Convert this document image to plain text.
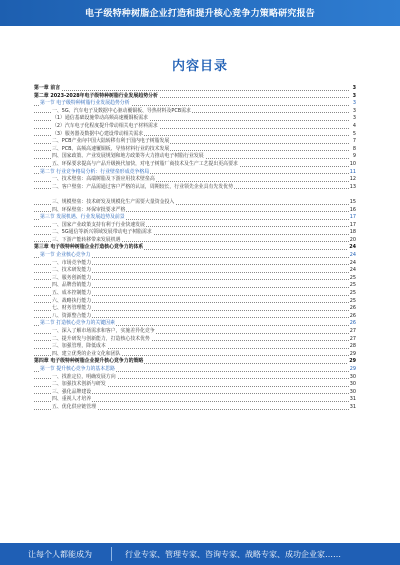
电子级特种树脂企业打造和提升核心竞争力策略研究报告
内容目录
第一章 前言	3
第二章 2023-2028年电子级特种树脂行业发展趋势分析	3
第一节 电子级特种树脂行业发展趋势分析	3
一、5G、汽车电子及数据中心驱动覆铜板、导热材料及PCB需求	3
（1）通信基础设施带动高频高速覆铜板需求	3
（2）汽车电子化程度提升带动相关电子材料需求	4
（3）服务器及数据中心建设带动相关需求	5
二、PCB产业向中国大陆转移有利于国内电子树脂发展	7
三、PCB、高频高速覆铜板、导热材料行业的技术发展	8
四、国家政策、产业发展规划和地方政策等大力推动电子树脂行业发展	9
五、环保要求提高与产品升级换代加快，对电子树脂厂商技术及生产工艺提出更高要求	10
第二节 行业竞争格局分析：行业壁垒形成竞争格局	11
一、技术壁垒：高端树脂及下游应用技术壁垒高	12
二、客户壁垒：产品需通过客户严格的认证，周期较长，行业领先企业具有先发优势	13
三、规模壁垒：技术研发及规模化生产需要大量资金投入	15
四、环保壁垒：环保审批要求严格	16
第三节 发展机遇、行业发展趋势及前景	17
一、国家产业政策支持有利于行业快速发展	17
二、5G通信等新兴领域发展带动电子树脂需求	18
三、下游产能转移带来发展机遇	20
第三章 电子级特种树脂企业打造核心竞争力的体系	24
第一节 企业核心竞争力	24
一、市场竞争能力	24
二、技术研发能力	24
三、服务创新能力	25
四、品牌营销能力	25
五、成本控制能力	25
六、战略执行能力	25
七、财务管理能力	26
八、资源整合能力	26
第二节 打造核心竞争力的关键因素	26
一、深入了解市场需求和客户，实施差异化竞争	27
二、提升研发与创新能力，打造核心技术优势	27
三、加强管理，降低成本	28
四、建立优秀的企业文化和团队	29
第四章 电子级特种树脂企业提升核心竞争力的策略	29
第一节 提升核心竞争力的基本思路	29
一、找准定位，明确发展方向	30
二、加强技术创新与研发	30
三、强化品牌建设	30
四、重视人才培养	31
五、优化供应链管理	31
让每个人都能成为	行业专家、管理专家、咨询专家、战略专家、成功企业家……
